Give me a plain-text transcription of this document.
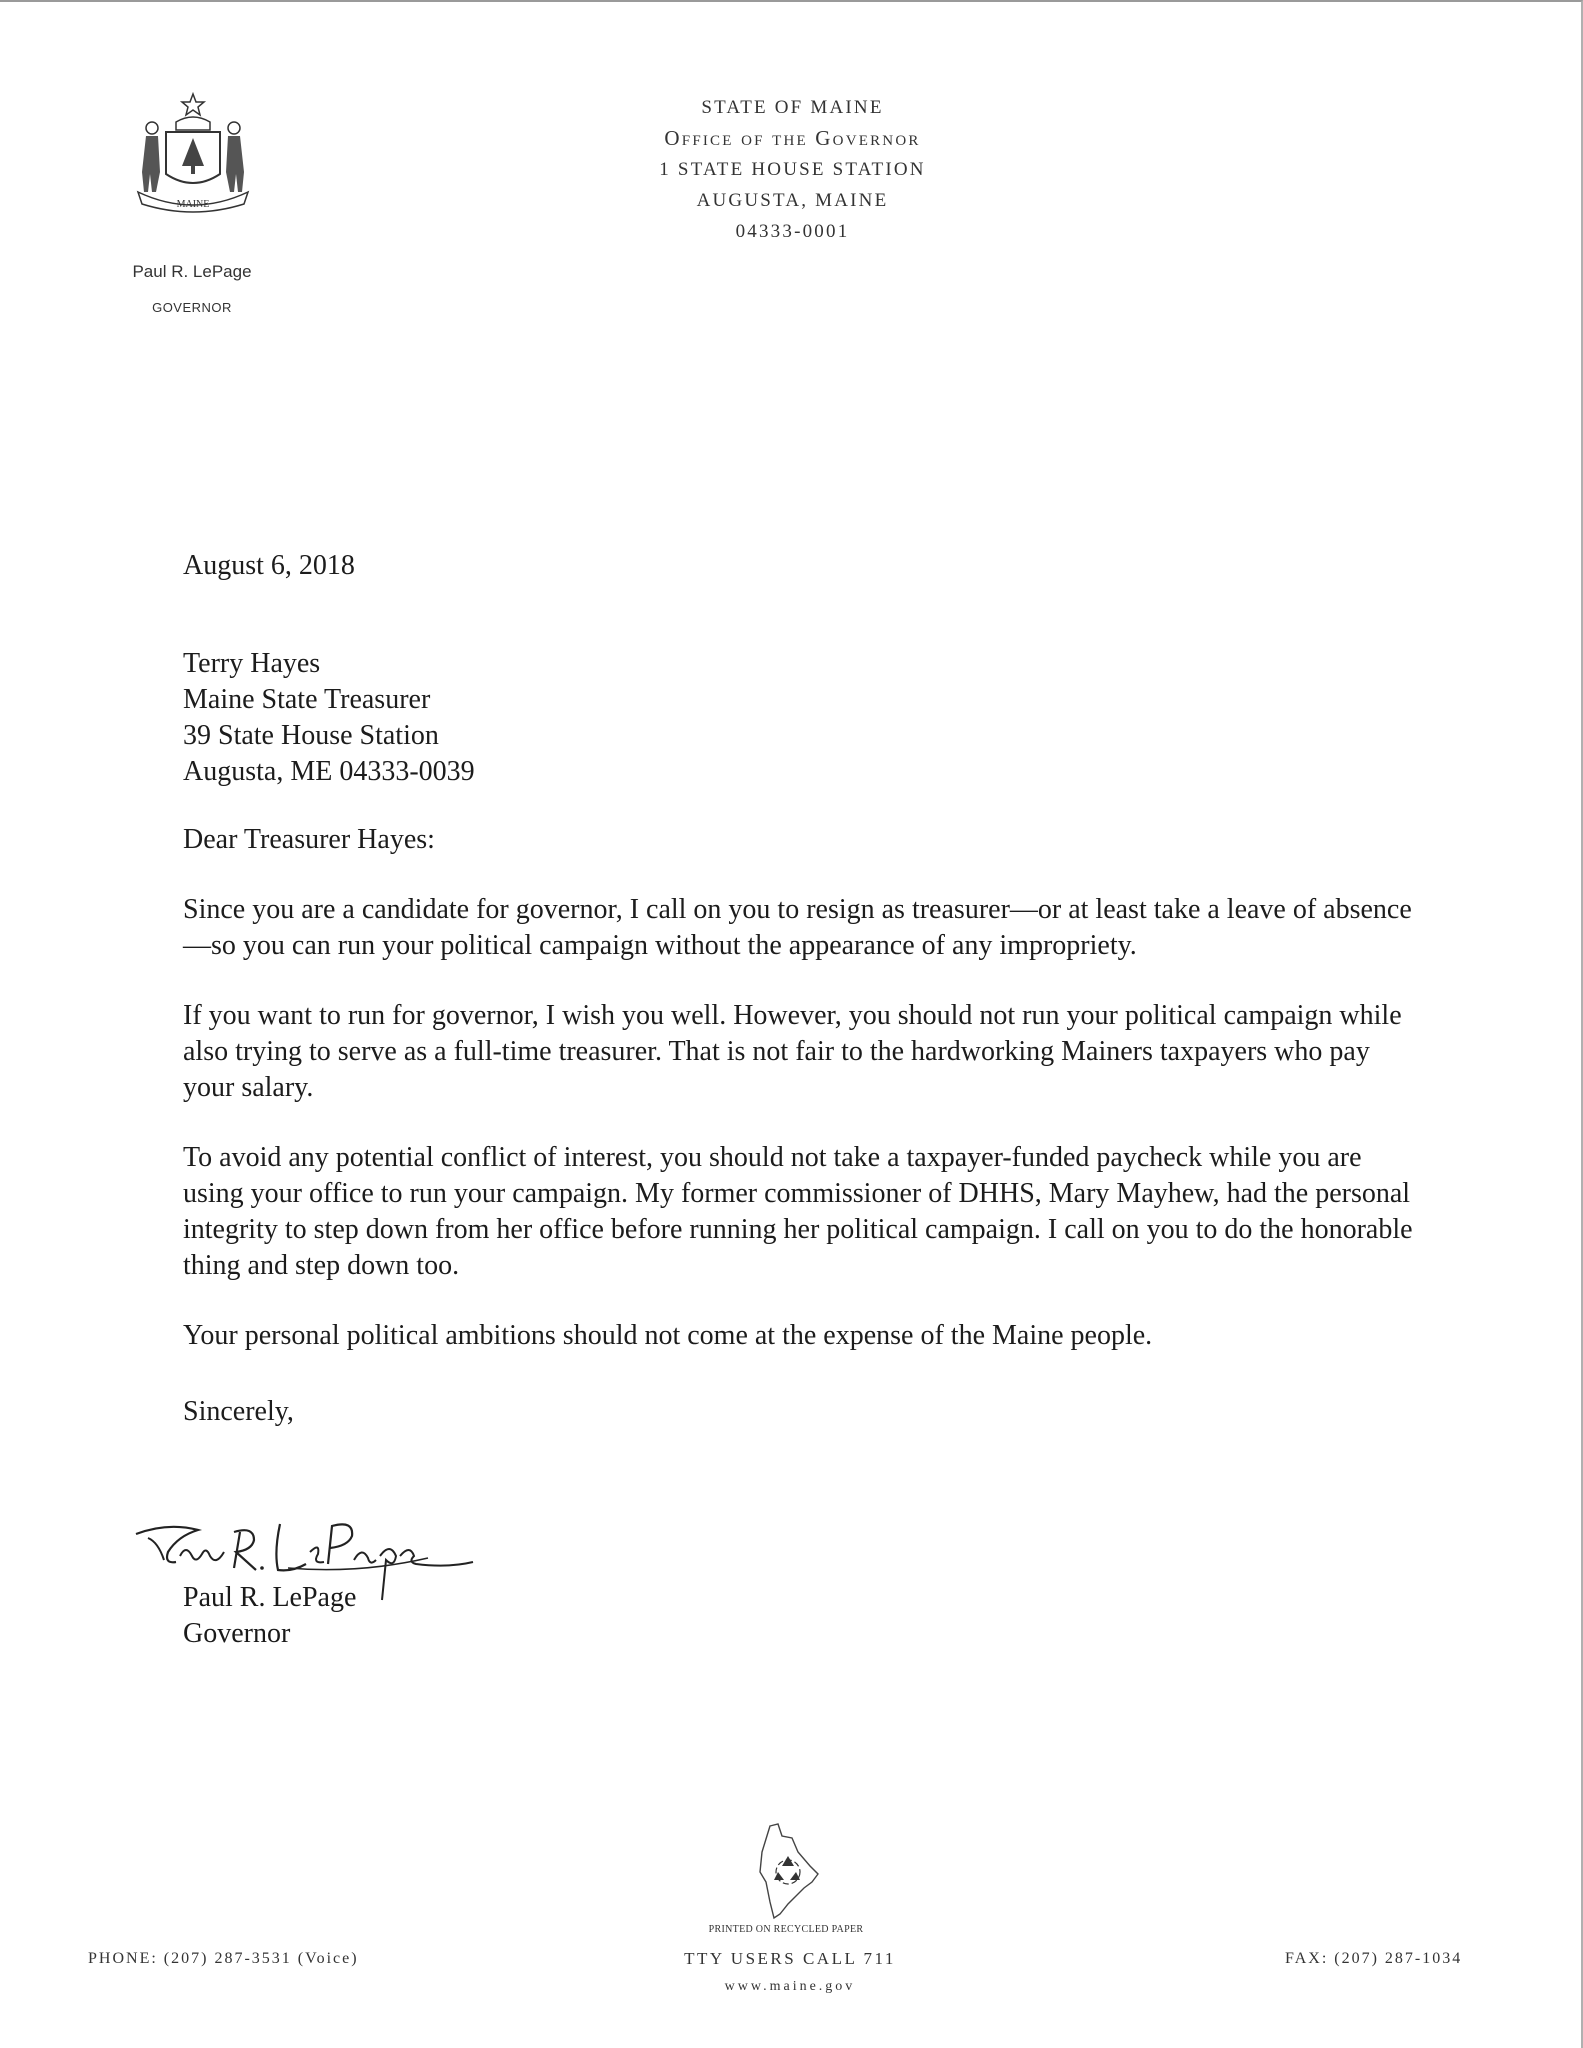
MAINE
Paul R. LePage
GOVERNOR
STATE OF MAINE
Office of the Governor
1 STATE HOUSE STATION
AUGUSTA, MAINE
04333-0001

August 6, 2018

Terry Hayes
Maine State Treasurer
39 State House Station
Augusta, ME 04333-0039

Dear Treasurer Hayes:

Since you are a candidate for governor, I call on you to resign as treasurer—or at least take a leave of absence—so you can run your political campaign without the appearance of any impropriety.

If you want to run for governor, I wish you well. However, you should not run your political campaign while also trying to serve as a full-time treasurer. That is not fair to the hardworking Mainers taxpayers who pay your salary.

To avoid any potential conflict of interest, you should not take a taxpayer-funded paycheck while you are using your office to run your campaign. My former commissioner of DHHS, Mary Mayhew, had the personal integrity to step down from her office before running her political campaign. I call on you to do the honorable thing and step down too.

Your personal political ambitions should not come at the expense of the Maine people.

Sincerely,

Paul R. LePage
Governor
PRINTED ON RECYCLED PAPER
PHONE: (207) 287-3531 (Voice)	TTY USERS CALL 711
www.maine.gov
FAX: (207) 287-1034
